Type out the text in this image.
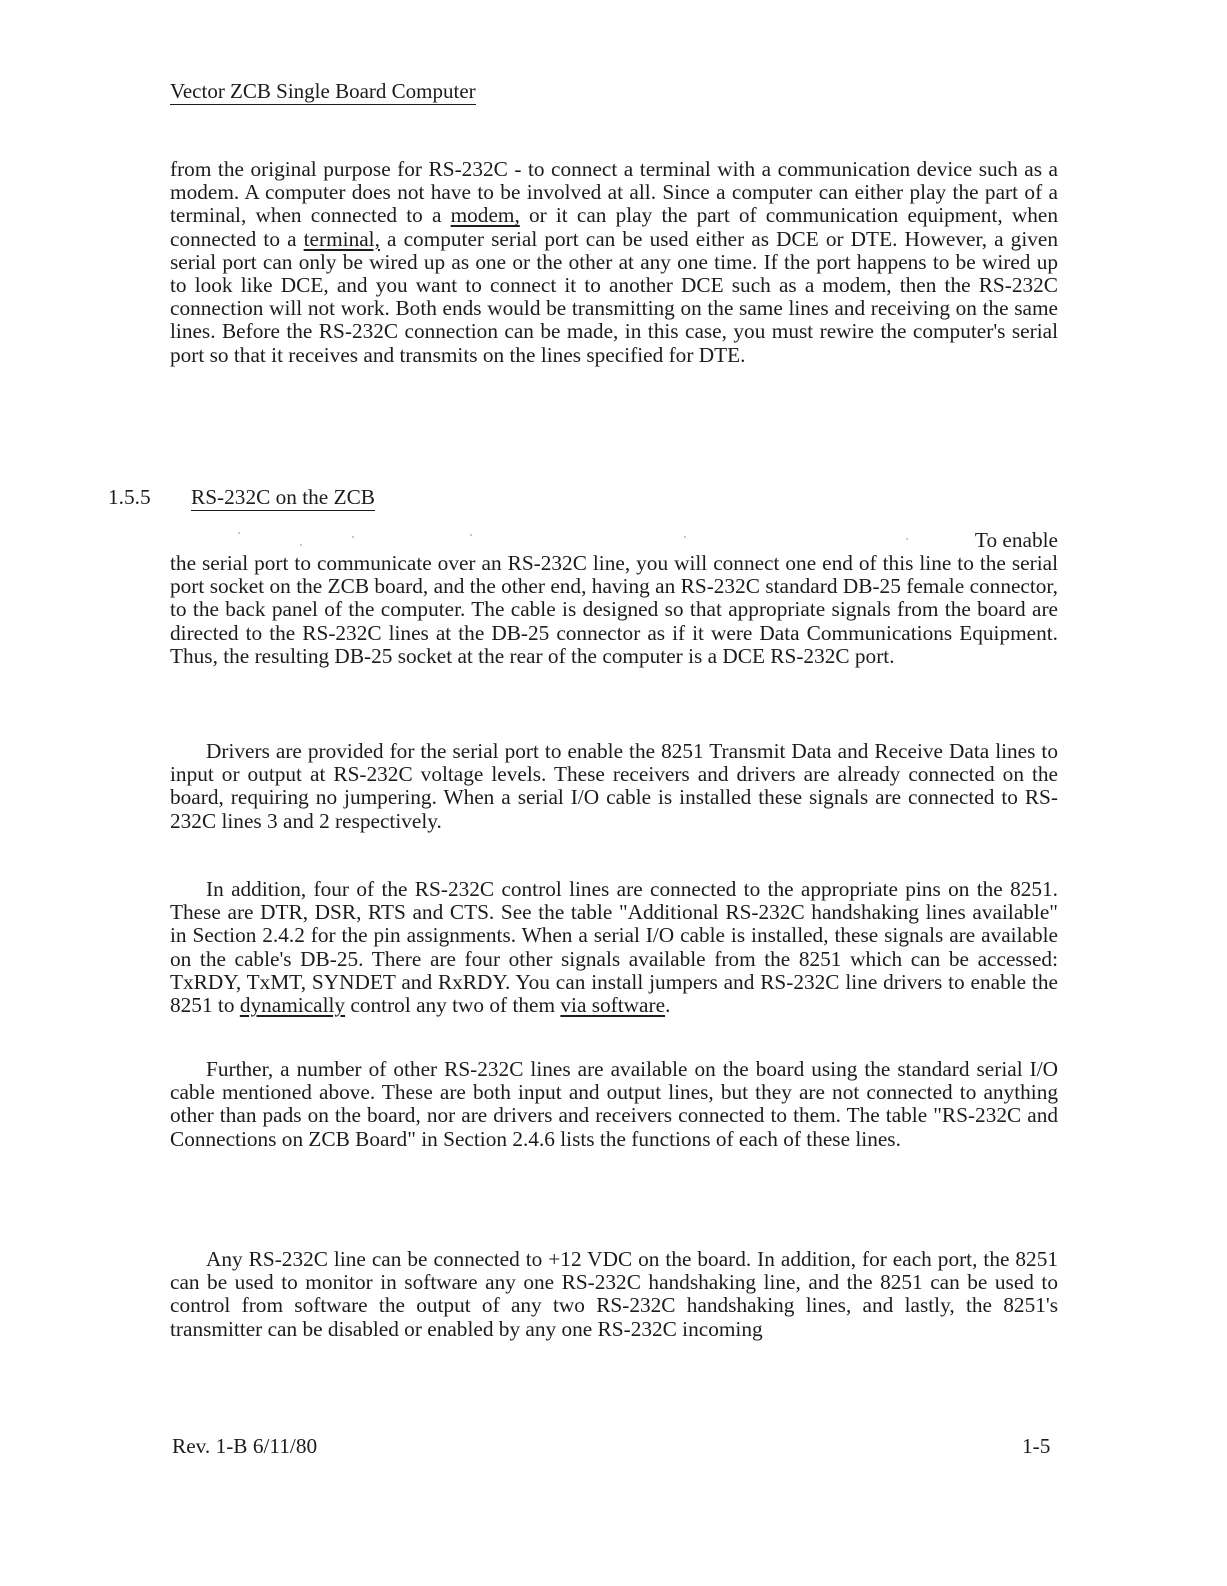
Vector ZCB Single Board Computer

from the original purpose for RS-232C - to connect a terminal with a communication device such as a modem. A computer does not have to be involved at all. Since a computer can either play the part of a terminal, when connected to a modem, or it can play the part of communication equipment, when connected to a terminal, a computer serial port can be used either as DCE or DTE. However, a given serial port can only be wired up as one or the other at any one time. If the port happens to be wired up to look like DCE, and you want to connect it to another DCE such as a modem, then the RS-232C connection will not work. Both ends would be transmitting on the same lines and receiving on the same lines. Before the RS-232C connection can be made, in this case, you must rewire the computer's serial port so that it receives and transmits on the lines specified for DTE.

1.5.5 RS-232C on the ZCB
To enable

the serial port to communicate over an RS-232C line, you will connect one end of this line to the serial port socket on the ZCB board, and the other end, having an RS-232C standard DB-25 female connector, to the back panel of the computer. The cable is designed so that appropriate signals from the board are directed to the RS-232C lines at the DB-25 connector as if it were Data Communications Equipment. Thus, the resulting DB-25 socket at the rear of the computer is a DCE RS-232C port.

Drivers are provided for the serial port to enable the 8251 Transmit Data and Receive Data lines to input or output at RS-232C voltage levels. These receivers and drivers are already connected on the board, requiring no jumpering. When a serial I/O cable is installed these signals are connected to RS-232C lines 3 and 2 respectively.

In addition, four of the RS-232C control lines are connected to the appropriate pins on the 8251. These are DTR, DSR, RTS and CTS. See the table "Additional RS-232C handshaking lines available" in Section 2.4.2 for the pin assignments. When a serial I/O cable is installed, these signals are available on the cable's DB-25. There are four other signals available from the 8251 which can be accessed: TxRDY, TxMT, SYNDET and RxRDY. You can install jumpers and RS-232C line drivers to enable the 8251 to dynamically control any two of them via software.

Further, a number of other RS-232C lines are available on the board using the standard serial I/O cable mentioned above. These are both input and output lines, but they are not connected to anything other than pads on the board, nor are drivers and receivers connected to them. The table "RS-232C and Connections on ZCB Board" in Section 2.4.6 lists the functions of each of these lines.

Any RS-232C line can be connected to +12 VDC on the board. In addition, for each port, the 8251 can be used to monitor in software any one RS-232C handshaking line, and the 8251 can be used to control from software the output of any two RS-232C handshaking lines, and lastly, the 8251's transmitter can be disabled or enabled by any one RS-232C incoming

Rev. 1-B 6/11/80	1-5
